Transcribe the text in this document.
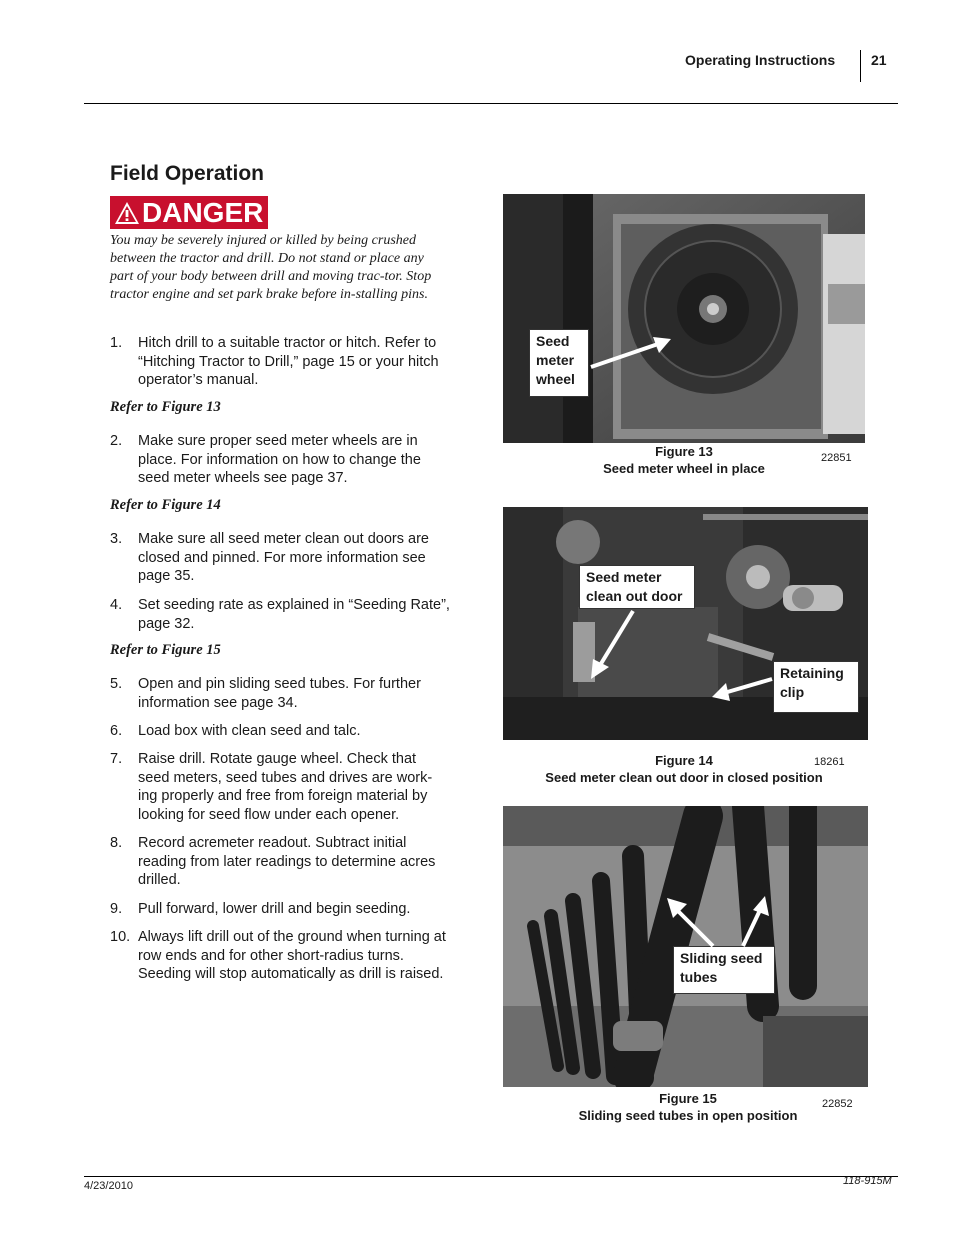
Operating Instructions	21
Field Operation
DANGER
You may be severely injured or killed by being crushed between the tractor and drill. Do not stand or place any part of your body between drill and moving trac-tor. Stop tractor engine and set park brake before in-stalling pins.
1.	Hitch drill to a suitable tractor or hitch. Refer to “Hitching Tractor to Drill,” page 15 or your hitch operator’s manual.
Refer to Figure 13
2.	Make sure proper seed meter wheels are in place. For information on how to change the seed meter wheels see page 37.
Refer to Figure 14
3.	Make sure all seed meter clean out doors are closed and pinned. For more information see page 35.
4.	Set seeding rate as explained in “Seeding Rate”, page 32.
Refer to Figure 15
5.	Open and pin sliding seed tubes. For further information see page 34.
6.	Load box with clean seed and talc.
7.	Raise drill. Rotate gauge wheel. Check that seed meters, seed tubes and drives are work-ing properly and free from foreign material by looking for seed flow under each opener.
8.	Record acremeter readout. Subtract initial reading from later readings to determine acres drilled.
9.	Pull forward, lower drill and begin seeding.
10. Always lift drill out of the ground when turning at row ends and for other short-radius turns. Seeding will stop automatically as drill is raised.
Seed meter wheel
Figure 13
Seed meter wheel in place
22851
Seed meter clean out door
Retaining clip
Figure 14
Seed meter clean out door in closed position
18261
Sliding seed tubes
Figure 15
Sliding seed tubes in open position
22852
4/23/2010	118-915M
